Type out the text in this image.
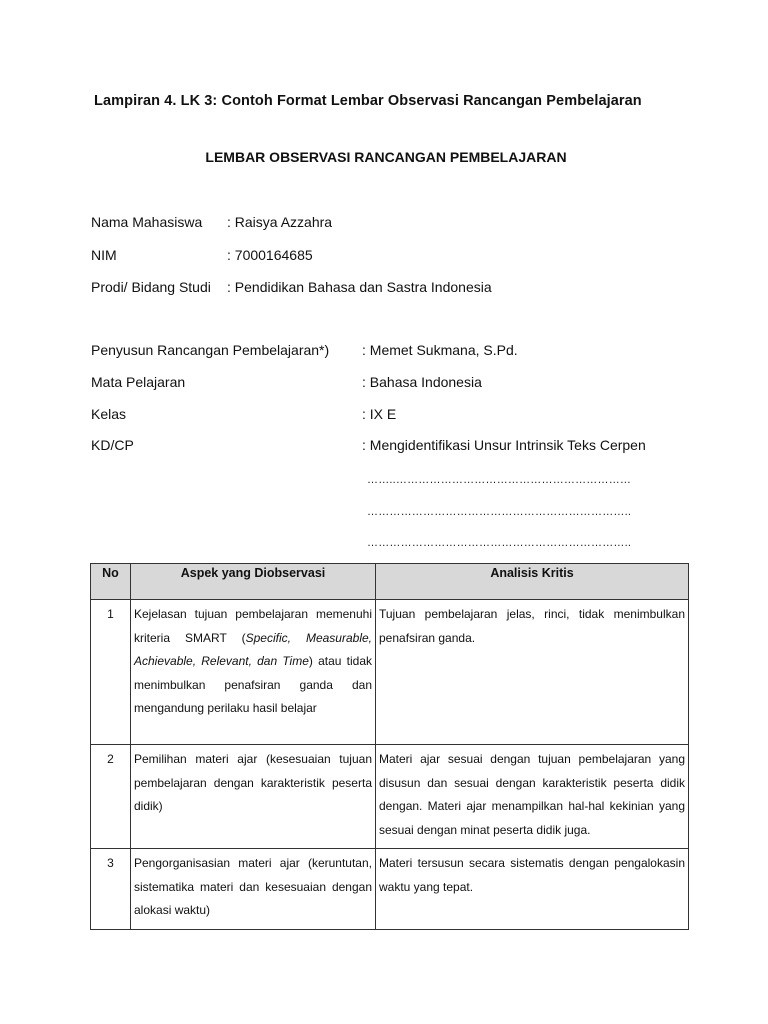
Lampiran 4. LK 3: Contoh Format Lembar Observasi Rancangan Pembelajaran
LEMBAR OBSERVASI RANCANGAN PEMBELAJARAN
Nama Mahasiswa : Raisya Azzahra
NIM	: 7000164685
Prodi/ Bidang Studi : Pendidikan Bahasa dan Sastra Indonesia
Penyusun Rancangan Pembelajaran*) : Memet Sukmana, S.Pd.
Mata Pelajaran	: Bahasa Indonesia
Kelas	: IX E
KD/CP	: Mengidentifikasi Unsur Intrinsik Teks Cerpen
……..………………………………………………………
……………………………………………………………..
……………………………………………………………..
No	Aspek yang Diobservasi	Analisis Kritis
1	Kejelasan tujuan pembelajaran memenuhi kriteria SMART (Specific, Measurable, Achievable, Relevant, dan Time) atau tidak menimbulkan penafsiran ganda dan mengandung perilaku hasil belajar	Tujuan pembelajaran jelas, rinci, tidak menimbulkan penafsiran ganda.
2	Pemilihan materi ajar (kesesuaian tujuan pembelajaran dengan karakteristik peserta didik)	Materi ajar sesuai dengan tujuan pembelajaran yang disusun dan sesuai dengan karakteristik peserta didik dengan. Materi ajar menampilkan hal-hal kekinian yang sesuai dengan minat peserta didik juga.
3	Pengorganisasian materi ajar (keruntutan, sistematika materi dan kesesuaian dengan alokasi waktu)	Materi tersusun secara sistematis dengan pengalokasin waktu yang tepat.
